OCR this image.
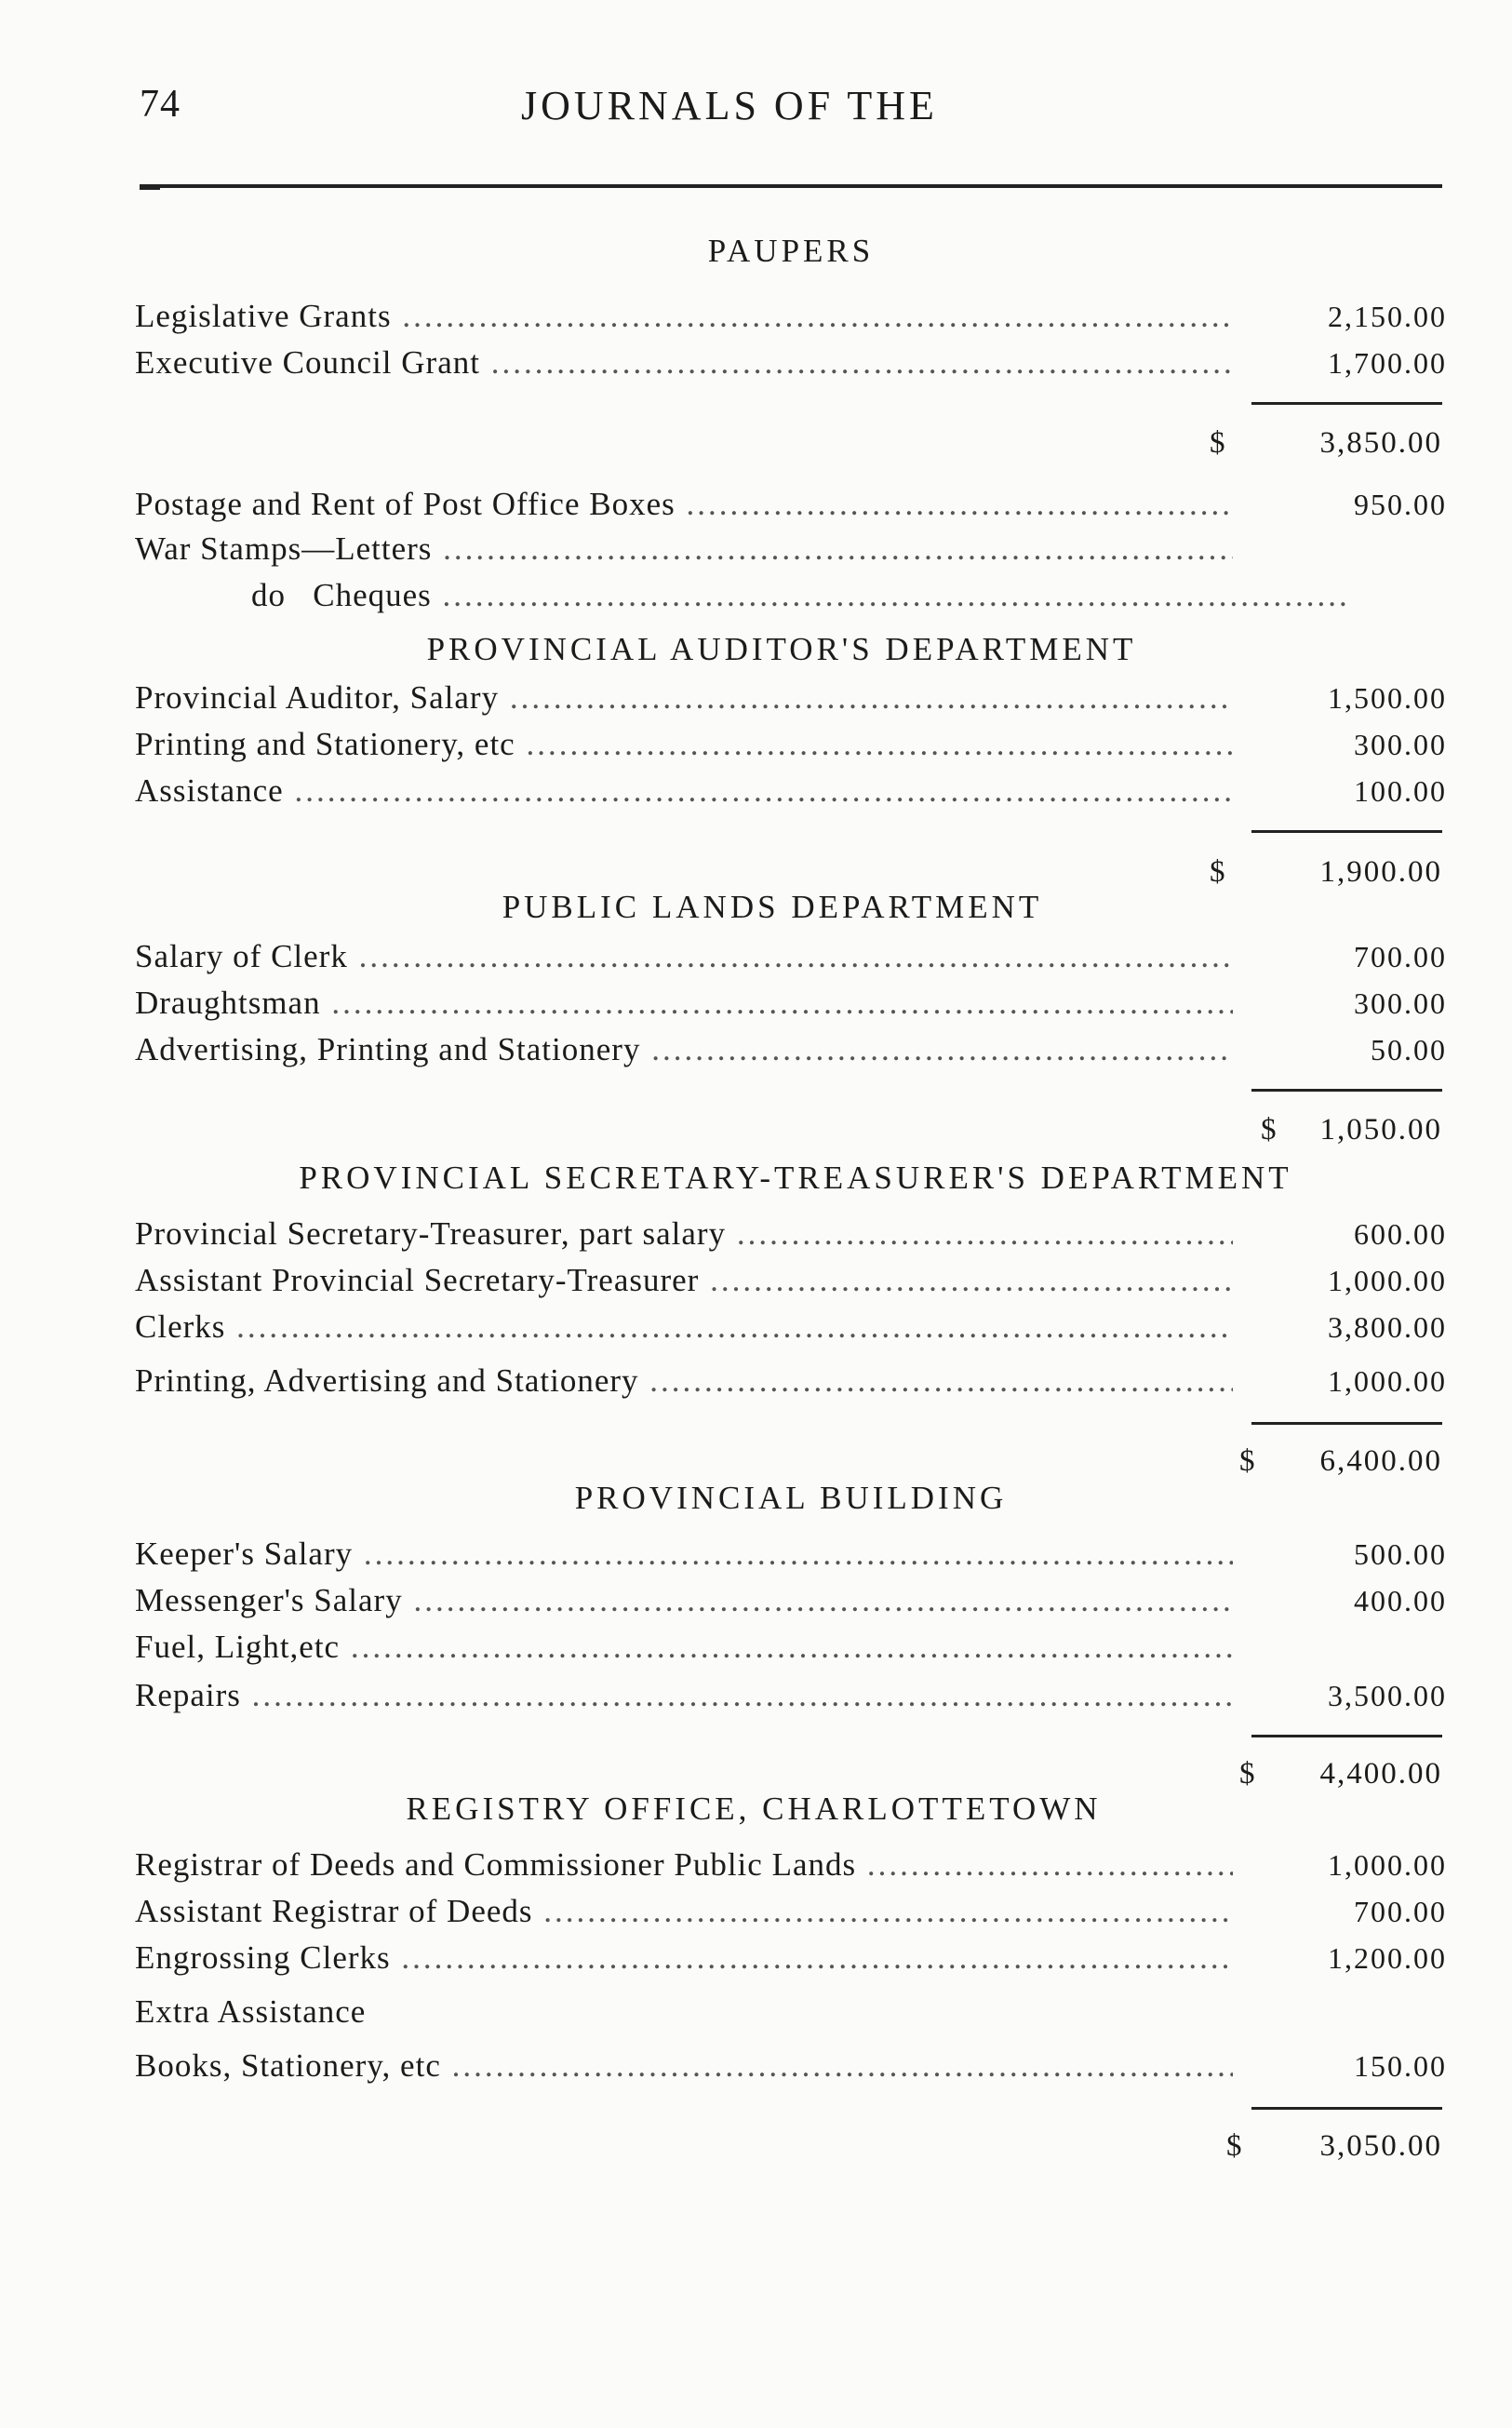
74	JOURNALS OF THE
PAUPERS
Legislative Grants .....	2,150.00
Executive Council Grant .....	1,700.00
$	3,850.00
Postage and Rent of Post Office Boxes .....	950.00
War Stamps—Letters .....
do   Cheques .....
PROVINCIAL AUDITOR'S DEPARTMENT
Provincial Auditor, Salary .....	1,500.00
Printing and Stationery, etc .....	300.00
Assistance .....	100.00
$	1,900.00
PUBLIC LANDS DEPARTMENT
Salary of Clerk .....	700.00
Draughtsman .....	300.00
Advertising, Printing and Stationery .....	50.00
$ 1,050.00
PROVINCIAL SECRETARY-TREASURER'S DEPARTMENT
Provincial Secretary-Treasurer, part salary .....	600.00
Assistant Provincial Secretary-Treasurer .....	1,000.00
Clerks .....	3,800.00
Printing, Advertising and Stationery .....	1,000.00
$ 6,400.00
PROVINCIAL BUILDING
Keeper's Salary .....	500.00
Messenger's Salary .....	400.00
Fuel, Light,etc .....
Repairs .....	3,500.00
$ 4,400.00
REGISTRY OFFICE, CHARLOTTETOWN
Registrar of Deeds and Commissioner Public Lands .....	1,000.00
Assistant Registrar of Deeds .....	700.00
Engrossing Clerks .....	1,200.00
Extra Assistance
Books, Stationery, etc .....	150.00
$	3,050.00
